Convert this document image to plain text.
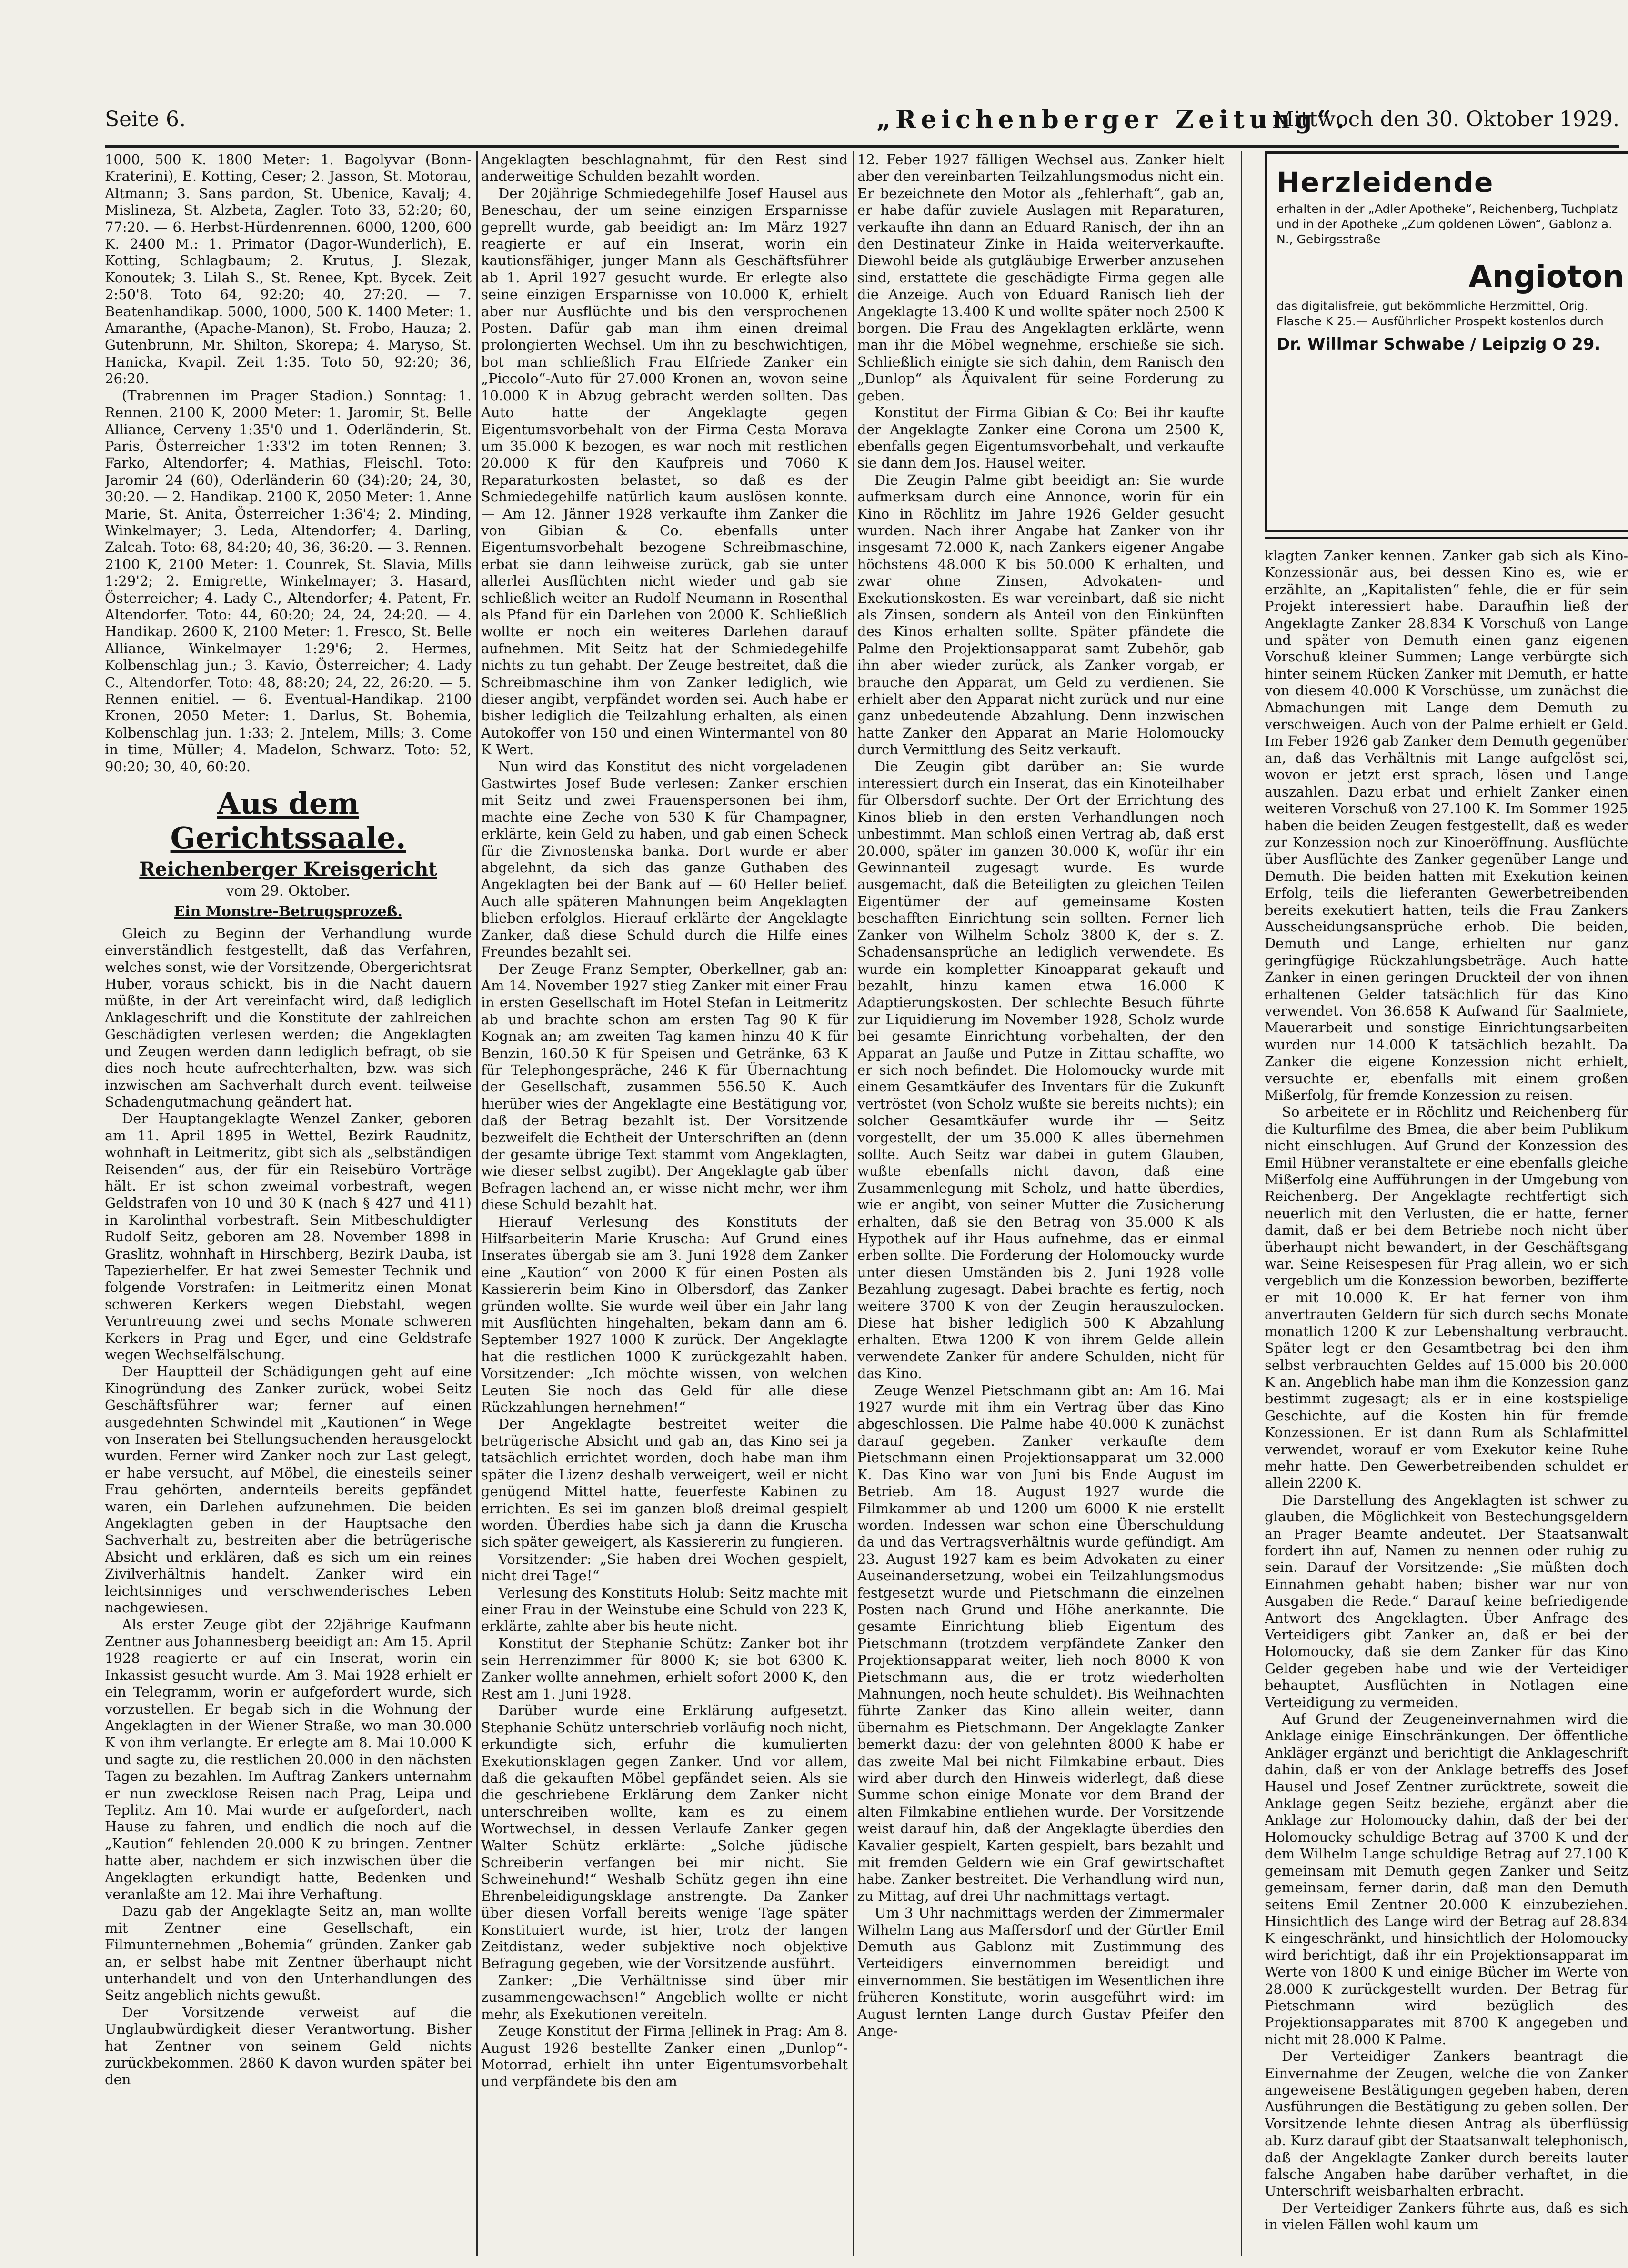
Seite 6.	„Reichenberger Zeitung“.
Mittwoch den 30. Oktober 1929.

1000, 500 K. 1800 Meter: 1. Bagolyvar (Bonn-Kraterini), E. Kotting, Ceser; 2. Jasson, St. Motorau, Altmann; 3. Sans pardon, St. Ubenice, Kavalj; 4. Mislineza, St. Alzbeta, Zagler. Toto 33, 52:20; 60, 77:20. — 6. Herbst-Hürdenrennen. 6000, 1200, 600 K. 2400 M.: 1. Primator (Dagor-Wunderlich), E. Kotting, Schlagbaum; 2. Krutus, J. Slezak, Konoutek; 3. Lilah S., St. Renee, Kpt. Bycek. Zeit 2:50'8. Toto 64, 92:20; 40, 27:20. — 7. Beatenhandikap. 5000, 1000, 500 K. 1400 Meter: 1. Amaranthe, (Apache-Manon), St. Frobo, Hauza; 2. Gutenbrunn, Mr. Shilton, Skorepa; 4. Maryso, St. Hanicka, Kvapil. Zeit 1:35. Toto 50, 92:20; 36, 26:20.

(Trabrennen im Prager Stadion.) Sonntag: 1. Rennen. 2100 K, 2000 Meter: 1. Jaromir, St. Belle Alliance, Cerveny 1:35'0 und 1. Oderländerin, St. Paris, Österreicher 1:33'2 im toten Rennen; 3. Farko, Altendorfer; 4. Mathias, Fleischl. Toto: Jaromir 24 (60), Oderländerin 60 (34):20; 24, 30, 30:20. — 2. Handikap. 2100 K, 2050 Meter: 1. Anne Marie, St. Anita, Österreicher 1:36'4; 2. Minding, Winkelmayer; 3. Leda, Altendorfer; 4. Darling, Zalcah. Toto: 68, 84:20; 40, 36, 36:20. — 3. Rennen. 2100 K, 2100 Meter: 1. Counrek, St. Slavia, Mills 1:29'2; 2. Emigrette, Winkelmayer; 3. Hasard, Österreicher; 4. Lady C., Altendorfer; 4. Patent, Fr. Altendorfer. Toto: 44, 60:20; 24, 24, 24:20. — 4. Handikap. 2600 K, 2100 Meter: 1. Fresco, St. Belle Alliance, Winkelmayer 1:29'6; 2. Hermes, Kolbenschlag jun.; 3. Kavio, Österreicher; 4. Lady C., Altendorfer. Toto: 48, 88:20; 24, 22, 26:20. — 5. Rennen enitiel. — 6. Eventual-Handikap. 2100 Kronen, 2050 Meter: 1. Darlus, St. Bohemia, Kolbenschlag jun. 1:33; 2. Jntelem, Mills; 3. Come in time, Müller; 4. Madelon, Schwarz. Toto: 52, 90:20; 30, 40, 60:20.

Aus dem Gerichtssaale.
Reichenberger Kreisgericht
vom 29. Oktober.
Ein Monstre-Betrugsprozeß.

Gleich zu Beginn der Verhandlung wurde einverständlich festgestellt, daß das Verfahren, welches sonst, wie der Vorsitzende, Obergerichtsrat Huber, voraus schickt, bis in die Nacht dauern müßte, in der Art vereinfacht wird, daß lediglich Anklageschrift und die Konstitute der zahlreichen Geschädigten verlesen werden; die Angeklagten und Zeugen werden dann lediglich befragt, ob sie dies noch heute aufrechterhalten, bzw. was sich inzwischen am Sachverhalt durch event. teilweise Schadengutmachung geändert hat.

Der Hauptangeklagte Wenzel Zanker, geboren am 11. April 1895 in Wettel, Bezirk Raudnitz, wohnhaft in Leitmeritz, gibt sich als „selbständigen Reisenden“ aus, der für ein Reisebüro Vorträge hält. Er ist schon zweimal vorbestraft, wegen Geldstrafen von 10 und 30 K (nach § 427 und 411) in Karolinthal vorbestraft. Sein Mitbeschuldigter Rudolf Seitz, geboren am 28. November 1898 in Graslitz, wohnhaft in Hirschberg, Bezirk Dauba, ist Tapezierhelfer. Er hat zwei Semester Technik und folgende Vorstrafen: in Leitmeritz einen Monat schweren Kerkers wegen Diebstahl, wegen Veruntreuung zwei und sechs Monate schweren Kerkers in Prag und Eger, und eine Geldstrafe wegen Wechselfälschung.

Der Hauptteil der Schädigungen geht auf eine Kinogründung des Zanker zurück, wobei Seitz Geschäftsführer war; ferner auf einen ausgedehnten Schwindel mit „Kautionen“ in Wege von Inseraten bei Stellungsuchenden herausgelockt wurden. Ferner wird Zanker noch zur Last gelegt, er habe versucht, auf Möbel, die einesteils seiner Frau gehörten, andernteils bereits gepfändet waren, ein Darlehen aufzunehmen. Die beiden Angeklagten geben in der Hauptsache den Sachverhalt zu, bestreiten aber die betrügerische Absicht und erklären, daß es sich um ein reines Zivilverhältnis handelt. Zanker wird ein leichtsinniges und verschwenderisches Leben nachgewiesen.

Als erster Zeuge gibt der 22jährige Kaufmann Zentner aus Johannesberg beeidigt an: Am 15. April 1928 reagierte er auf ein Inserat, worin ein Inkassist gesucht wurde. Am 3. Mai 1928 erhielt er ein Telegramm, worin er aufgefordert wurde, sich vorzustellen. Er begab sich in die Wohnung der Angeklagten in der Wiener Straße, wo man 30.000 K von ihm verlangte. Er erlegte am 8. Mai 10.000 K und sagte zu, die restlichen 20.000 in den nächsten Tagen zu bezahlen. Im Auftrag Zankers unternahm er nun zwecklose Reisen nach Prag, Leipa und Teplitz. Am 10. Mai wurde er aufgefordert, nach Hause zu fahren, und endlich die noch auf die „Kaution“ fehlenden 20.000 K zu bringen. Zentner hatte aber, nachdem er sich inzwischen über die Angeklagten erkundigt hatte, Bedenken und veranlaßte am 12. Mai ihre Verhaftung.

Dazu gab der Angeklagte Seitz an, man wollte mit Zentner eine Gesellschaft, ein Filmunternehmen „Bohemia“ gründen. Zanker gab an, er selbst habe mit Zentner überhaupt nicht unterhandelt und von den Unterhandlungen des Seitz angeblich nichts gewußt.

Der Vorsitzende verweist auf die Unglaubwürdigkeit dieser Verantwortung. Bisher hat Zentner von seinem Geld nichts zurückbekommen. 2860 K davon wurden später bei den

Angeklagten beschlagnahmt, für den Rest sind anderweitige Schulden bezahlt worden.

Der 20jährige Schmiedegehilfe Josef Hausel aus Beneschau, der um seine einzigen Ersparnisse geprellt wurde, gab beeidigt an: Im März 1927 reagierte er auf ein Inserat, worin ein kautionsfähiger, junger Mann als Geschäftsführer ab 1. April 1927 gesucht wurde. Er erlegte also seine einzigen Ersparnisse von 10.000 K, erhielt aber nur Ausflüchte und bis den versprochenen Posten. Dafür gab man ihm einen dreimal prolongierten Wechsel. Um ihn zu beschwichtigen, bot man schließlich Frau Elfriede Zanker ein „Piccolo“-Auto für 27.000 Kronen an, wovon seine 10.000 K in Abzug gebracht werden sollten. Das Auto hatte der Angeklagte gegen Eigentumsvorbehalt von der Firma Cesta Morava um 35.000 K bezogen, es war noch mit restlichen 20.000 K für den Kaufpreis und 7060 K Reparaturkosten belastet, so daß es der Schmiedegehilfe natürlich kaum auslösen konnte. — Am 12. Jänner 1928 verkaufte ihm Zanker die von Gibian & Co. ebenfalls unter Eigentumsvorbehalt bezogene Schreibmaschine, erbat sie dann leihweise zurück, gab sie unter allerlei Ausflüchten nicht wieder und gab sie schließlich weiter an Rudolf Neumann in Rosenthal als Pfand für ein Darlehen von 2000 K. Schließlich wollte er noch ein weiteres Darlehen darauf aufnehmen. Mit Seitz hat der Schmiedegehilfe nichts zu tun gehabt. Der Zeuge bestreitet, daß die Schreibmaschine ihm von Zanker lediglich, wie dieser angibt, verpfändet worden sei. Auch habe er bisher lediglich die Teilzahlung erhalten, als einen Autokoffer von 150 und einen Wintermantel von 80 K Wert.

Nun wird das Konstitut des nicht vorgeladenen Gastwirtes Josef Bude verlesen: Zanker erschien mit Seitz und zwei Frauenspersonen bei ihm, machte eine Zeche von 530 K für Champagner, erklärte, kein Geld zu haben, und gab einen Scheck für die Zivnostenska banka. Dort wurde er aber abgelehnt, da sich das ganze Guthaben des Angeklagten bei der Bank auf — 60 Heller belief. Auch alle späteren Mahnungen beim Angeklagten blieben erfolglos. Hierauf erklärte der Angeklagte Zanker, daß diese Schuld durch die Hilfe eines Freundes bezahlt sei.

Der Zeuge Franz Sempter, Oberkellner, gab an: Am 14. November 1927 stieg Zanker mit einer Frau in ersten Gesellschaft im Hotel Stefan in Leitmeritz ab und brachte schon am ersten Tag 90 K für Kognak an; am zweiten Tag kamen hinzu 40 K für Benzin, 160.50 K für Speisen und Getränke, 63 K für Telephongespräche, 246 K für Übernachtung der Gesellschaft, zusammen 556.50 K. Auch hierüber wies der Angeklagte eine Bestätigung vor, daß der Betrag bezahlt ist. Der Vorsitzende bezweifelt die Echtheit der Unterschriften an (denn der gesamte übrige Text stammt vom Angeklagten, wie dieser selbst zugibt). Der Angeklagte gab über Befragen lachend an, er wisse nicht mehr, wer ihm diese Schuld bezahlt hat.

Hierauf Verlesung des Konstituts der Hilfsarbeiterin Marie Kruscha: Auf Grund eines Inserates übergab sie am 3. Juni 1928 dem Zanker eine „Kaution“ von 2000 K für einen Posten als Kassiererin beim Kino in Olbersdorf, das Zanker gründen wollte. Sie wurde weil über ein Jahr lang mit Ausflüchten hingehalten, bekam dann am 6. September 1927 1000 K zurück. Der Angeklagte hat die restlichen 1000 K zurückgezahlt haben. Vorsitzender: „Ich möchte wissen, von welchen Leuten Sie noch das Geld für alle diese Rückzahlungen hernehmen!“

Der Angeklagte bestreitet weiter die betrügerische Absicht und gab an, das Kino sei ja tatsächlich errichtet worden, doch habe man ihm später die Lizenz deshalb verweigert, weil er nicht genügend Mittel hatte, feuerfeste Kabinen zu errichten. Es sei im ganzen bloß dreimal gespielt worden. Überdies habe sich ja dann die Kruscha sich später geweigert, als Kassiererin zu fungieren.

Vorsitzender: „Sie haben drei Wochen gespielt, nicht drei Tage!“

Verlesung des Konstituts Holub: Seitz machte mit einer Frau in der Weinstube eine Schuld von 223 K, erklärte, zahlte aber bis heute nicht.

Konstitut der Stephanie Schütz: Zanker bot ihr sein Herrenzimmer für 8000 K; sie bot 6300 K. Zanker wollte annehmen, erhielt sofort 2000 K, den Rest am 1. Juni 1928.

Darüber wurde eine Erklärung aufgesetzt. Stephanie Schütz unterschrieb vorläufig noch nicht, erkundigte sich, erfuhr die kumulierten Exekutionsklagen gegen Zanker. Und vor allem, daß die gekauften Möbel gepfändet seien. Als sie die geschriebene Erklärung dem Zanker nicht unterschreiben wollte, kam es zu einem Wortwechsel, in dessen Verlaufe Zanker gegen Walter Schütz erklärte: „Solche jüdische Schreiberin verfangen bei mir nicht. Sie Schweinehund!“ Weshalb Schütz gegen ihn eine Ehrenbeleidigungsklage anstrengte. Da Zanker über diesen Vorfall bereits wenige Tage später Konstituiert wurde, ist hier, trotz der langen Zeitdistanz, weder subjektive noch objektive Befragung gegeben, wie der Vorsitzende ausführt.

Zanker: „Die Verhältnisse sind über mir zusammengewachsen!“ Angeblich wollte er nicht mehr, als Exekutionen vereiteln.

Zeuge Konstitut der Firma Jellinek in Prag: Am 8. August 1926 bestellte Zanker einen „Dunlop“-Motorrad, erhielt ihn unter Eigentumsvorbehalt und verpfändete bis den am

12. Feber 1927 fälligen Wechsel aus. Zanker hielt aber den vereinbarten Teilzahlungsmodus nicht ein. Er bezeichnete den Motor als „fehlerhaft“, gab an, er habe dafür zuviele Auslagen mit Reparaturen, verkaufte ihn dann an Eduard Ranisch, der ihn an den Destinateur Zinke in Haida weiterverkaufte. Diewohl beide als gutgläubige Erwerber anzusehen sind, erstattete die geschädigte Firma gegen alle die Anzeige. Auch von Eduard Ranisch lieh der Angeklagte 13.400 K und wollte später noch 2500 K borgen. Die Frau des Angeklagten erklärte, wenn man ihr die Möbel wegnehme, erschieße sie sich. Schließlich einigte sie sich dahin, dem Ranisch den „Dunlop“ als Äquivalent für seine Forderung zu geben.

Konstitut der Firma Gibian & Co: Bei ihr kaufte der Angeklagte Zanker eine Corona um 2500 K, ebenfalls gegen Eigentumsvorbehalt, und verkaufte sie dann dem Jos. Hausel weiter.

Die Zeugin Palme gibt beeidigt an: Sie wurde aufmerksam durch eine Annonce, worin für ein Kino in Röchlitz im Jahre 1926 Gelder gesucht wurden. Nach ihrer Angabe hat Zanker von ihr insgesamt 72.000 K, nach Zankers eigener Angabe höchstens 48.000 K bis 50.000 K erhalten, und zwar ohne Zinsen, Advokaten- und Exekutionskosten. Es war vereinbart, daß sie nicht als Zinsen, sondern als Anteil von den Einkünften des Kinos erhalten sollte. Später pfändete die Palme den Projektionsapparat samt Zubehör, gab ihn aber wieder zurück, als Zanker vorgab, er brauche den Apparat, um Geld zu verdienen. Sie erhielt aber den Apparat nicht zurück und nur eine ganz unbedeutende Abzahlung. Denn inzwischen hatte Zanker den Apparat an Marie Holomoucky durch Vermittlung des Seitz verkauft.

Die Zeugin gibt darüber an: Sie wurde interessiert durch ein Inserat, das ein Kinoteilhaber für Olbersdorf suchte. Der Ort der Errichtung des Kinos blieb in den ersten Verhandlungen noch unbestimmt. Man schloß einen Vertrag ab, daß erst 20.000, später im ganzen 30.000 K, wofür ihr ein Gewinnanteil zugesagt wurde. Es wurde ausgemacht, daß die Beteiligten zu gleichen Teilen Eigentümer der auf gemeinsame Kosten beschafften Einrichtung sein sollten. Ferner lieh Zanker von Wilhelm Scholz 3800 K, der s. Z. Schadensansprüche an lediglich verwendete. Es wurde ein kompletter Kinoapparat gekauft und bezahlt, hinzu kamen etwa 16.000 K Adaptierungskosten. Der schlechte Besuch führte zur Liquidierung im November 1928, Scholz wurde bei gesamte Einrichtung vorbehalten, der den Apparat an Jauße und Putze in Zittau schaffte, wo er sich noch befindet. Die Holomoucky wurde mit einem Gesamtkäufer des Inventars für die Zukunft vertröstet (von Scholz wußte sie bereits nichts); ein solcher Gesamtkäufer wurde ihr — Seitz vorgestellt, der um 35.000 K alles übernehmen sollte. Auch Seitz war dabei in gutem Glauben, wußte ebenfalls nicht davon, daß eine Zusammenlegung mit Scholz, und hatte überdies, wie er angibt, von seiner Mutter die Zusicherung erhalten, daß sie den Betrag von 35.000 K als Hypothek auf ihr Haus aufnehme, das er einmal erben sollte. Die Forderung der Holomoucky wurde unter diesen Umständen bis 2. Juni 1928 volle Bezahlung zugesagt. Dabei brachte es fertig, noch weitere 3700 K von der Zeugin herauszulocken. Diese hat bisher lediglich 500 K Abzahlung erhalten. Etwa 1200 K von ihrem Gelde allein verwendete Zanker für andere Schulden, nicht für das Kino.

Zeuge Wenzel Pietschmann gibt an: Am 16. Mai 1927 wurde mit ihm ein Vertrag über das Kino abgeschlossen. Die Palme habe 40.000 K zunächst darauf gegeben. Zanker verkaufte dem Pietschmann einen Projektionsapparat um 32.000 K. Das Kino war von Juni bis Ende August im Betrieb. Am 18. August 1927 wurde die Filmkammer ab und 1200 um 6000 K nie erstellt worden. Indessen war schon eine Überschuldung da und das Vertragsverhältnis wurde gefündigt. Am 23. August 1927 kam es beim Advokaten zu einer Auseinandersetzung, wobei ein Teilzahlungsmodus festgesetzt wurde und Pietschmann die einzelnen Posten nach Grund und Höhe anerkannte. Die gesamte Einrichtung blieb Eigentum des Pietschmann (trotzdem verpfändete Zanker den Projektionsapparat weiter, lieh noch 8000 K von Pietschmann aus, die er trotz wiederholten Mahnungen, noch heute schuldet). Bis Weihnachten führte Zanker das Kino allein weiter, dann übernahm es Pietschmann. Der Angeklagte Zanker bemerkt dazu: der von gelehnten 8000 K habe er das zweite Mal bei nicht Filmkabine erbaut. Dies wird aber durch den Hinweis widerlegt, daß diese Summe schon einige Monate vor dem Brand der alten Filmkabine entliehen wurde. Der Vorsitzende weist darauf hin, daß der Angeklagte überdies den Kavalier gespielt, Karten gespielt, bars bezahlt und mit fremden Geldern wie ein Graf gewirtschaftet habe. Zanker bestreitet. Die Verhandlung wird nun, zu Mittag, auf drei Uhr nachmittags vertagt.

Um 3 Uhr nachmittags werden der Zimmermaler Wilhelm Lang aus Maffersdorf und der Gürtler Emil Demuth aus Gablonz mit Zustimmung des Verteidigers einvernommen bereidigt und einvernommen. Sie bestätigen im Wesentlichen ihre früheren Konstitute, worin ausgeführt wird: im August lernten Lange durch Gustav Pfeifer den Ange-

Herzleidende
erhalten in der „Adler Apotheke“, Reichenberg, Tuchplatz und in der Apotheke „Zum goldenen Löwen“, Gablonz a. N., Gebirgsstraße
Angioton
das digitalisfreie, gut bekömmliche Herzmittel, Orig. Flasche K 25.— Ausführlicher Prospekt kostenlos durch
Dr. Willmar Schwabe / Leipzig O 29.

klagten Zanker kennen. Zanker gab sich als Kino-Konzessionär aus, bei dessen Kino es, wie er erzählte, an „Kapitalisten“ fehle, die er für sein Projekt interessiert habe. Daraufhin ließ der Angeklagte Zanker 28.834 K Vorschuß von Lange und später von Demuth einen ganz eigenen Vorschuß kleiner Summen; Lange verbürgte sich hinter seinem Rücken Zanker mit Demuth, er hatte von diesem 40.000 K Vorschüsse, um zunächst die Abmachungen mit Lange dem Demuth zu verschweigen. Auch von der Palme erhielt er Geld. Im Feber 1926 gab Zanker dem Demuth gegenüber an, daß das Verhältnis mit Lange aufgelöst sei, wovon er jetzt erst sprach, lösen und Lange auszahlen. Dazu erbat und erhielt Zanker einen weiteren Vorschuß von 27.100 K. Im Sommer 1925 haben die beiden Zeugen festgestellt, daß es weder zur Konzession noch zur Kinoeröffnung. Ausflüchte über Ausflüchte des Zanker gegenüber Lange und Demuth. Die beiden hatten mit Exekution keinen Erfolg, teils die lieferanten Gewerbetreibenden bereits exekutiert hatten, teils die Frau Zankers Ausscheidungsansprüche erhob. Die beiden, Demuth und Lange, erhielten nur ganz geringfügige Rückzahlungsbeträge. Auch hatte Zanker in einen geringen Druckteil der von ihnen erhaltenen Gelder tatsächlich für das Kino verwendet. Von 36.658 K Aufwand für Saalmiete, Mauerarbeit und sonstige Einrichtungsarbeiten wurden nur 14.000 K tatsächlich bezahlt. Da Zanker die eigene Konzession nicht erhielt, versuchte er, ebenfalls mit einem großen Mißerfolg, für fremde Konzession zu reisen.

So arbeitete er in Röchlitz und Reichenberg für die Kulturfilme des Bmea, die aber beim Publikum nicht einschlugen. Auf Grund der Konzession des Emil Hübner veranstaltete er eine ebenfalls gleiche Mißerfolg eine Aufführungen in der Umgebung von Reichenberg. Der Angeklagte rechtfertigt sich neuerlich mit den Verlusten, die er hatte, ferner damit, daß er bei dem Betriebe noch nicht über überhaupt nicht bewandert, in der Geschäftsgang war. Seine Reisespesen für Prag allein, wo er sich vergeblich um die Konzession beworben, bezifferte er mit 10.000 K. Er hat ferner von ihm anvertrauten Geldern für sich durch sechs Monate monatlich 1200 K zur Lebenshaltung verbraucht. Später legt er den Gesamtbetrag bei den ihm selbst verbrauchten Geldes auf 15.000 bis 20.000 K an. Angeblich habe man ihm die Konzession ganz bestimmt zugesagt; als er in eine kostspielige Geschichte, auf die Kosten hin für fremde Konzessionen. Er ist dann Rum als Schlafmittel verwendet, worauf er vom Exekutor keine Ruhe mehr hatte. Den Gewerbetreibenden schuldet er allein 2200 K.

Die Darstellung des Angeklagten ist schwer zu glauben, die Möglichkeit von Bestechungsgeldern an Prager Beamte andeutet. Der Staatsanwalt fordert ihn auf, Namen zu nennen oder ruhig zu sein. Darauf der Vorsitzende: „Sie müßten doch Einnahmen gehabt haben; bisher war nur von Ausgaben die Rede.“ Darauf keine befriedigende Antwort des Angeklagten. Über Anfrage des Verteidigers gibt Zanker an, daß er bei der Holomoucky, daß sie dem Zanker für das Kino Gelder gegeben habe und wie der Verteidiger behauptet, Ausflüchten in Notlagen eine Verteidigung zu vermeiden.

Auf Grund der Zeugeneinvernahmen wird die Anklage einige Einschränkungen. Der öffentliche Ankläger ergänzt und berichtigt die Anklageschrift dahin, daß er von der Anklage betreffs des Josef Hausel und Josef Zentner zurücktrete, soweit die Anklage gegen Seitz beziehe, ergänzt aber die Anklage zur Holomoucky dahin, daß der bei der Holomoucky schuldige Betrag auf 3700 K und der dem Wilhelm Lange schuldige Betrag auf 27.100 K gemeinsam mit Demuth gegen Zanker und Seitz gemeinsam, ferner darin, daß man den Demuth seitens Emil Zentner 20.000 K einzubeziehen. Hinsichtlich des Lange wird der Betrag auf 28.834 K eingeschränkt, und hinsichtlich der Holomoucky wird berichtigt, daß ihr ein Projektionsapparat im Werte von 1800 K und einige Bücher im Werte von 28.000 K zurückgestellt wurden. Der Betrag für Pietschmann wird bezüglich des Projektionsapparates mit 8700 K angegeben und nicht mit 28.000 K Palme.

Der Verteidiger Zankers beantragt die Einvernahme der Zeugen, welche die von Zanker angeweisene Bestätigungen gegeben haben, deren Ausführungen die Bestätigung zu geben sollen. Der Vorsitzende lehnte diesen Antrag als überflüssig ab. Kurz darauf gibt der Staatsanwalt telephonisch, daß der Angeklagte Zanker durch bereits lauter falsche Angaben habe darüber verhaftet, in die Unterschrift weisbarhalten erbracht.

Der Verteidiger Zankers führte aus, daß es sich in vielen Fällen wohl kaum um
